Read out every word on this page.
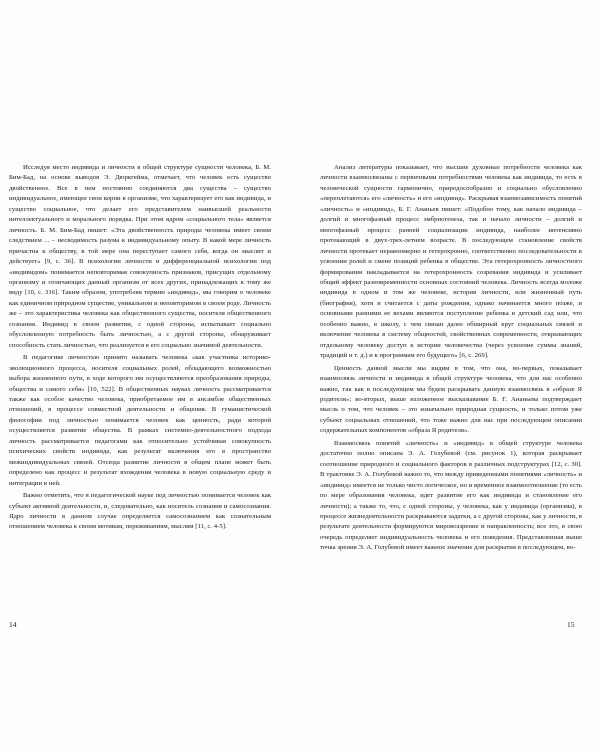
Исследуя место индивида и личности в общей структуре сущности человека, Б. М. Бим-Бад, на основе выводов Э. Дюркгейма, отмечает, что человек есть существо двойственное. Все в нем постоянно соединяются два существа – существо индивидуальное, имеющее свои корни в организме, что характеризует его как индивида, и существо социальное, что делает его представителем наивысшей реальности интеллектуального и морального порядка. При этом ядром «социального тела» является личность. Б. М. Бим-Бад пишет: «Эта двойственность природы человека имеет своим следствием ... – несводимость разума к индивидуальному опыту. В какой мере личность причастна к обществу, в той мере она переступает самого себя, когда он мыслит и действует» [9, с. 36]. В психологии личности и дифференциальной психологии под «индивидом» понимается неповторимая совокупность признаков, присущих отдельному организму и отличающих данный организм от всех других, принадлежащих к тому же виду [10, с. 316]. Таким образом, употребляя термин «индивид», мы говорим о человеке как единичном природном существе, уникальном и неповторимом в своем роде. Личность же – это характеристика человека как общественного существа, носителя общественного сознания. Индивид в своем развитии, с одной стороны, испытывает социально обусловленную потребность быть личностью, а с другой стороны, обнаруживает способность стать личностью, что реализуется в его социально значимой деятельности.

В педагогике личностью принято называть человека «как участника историко-эволюционного процесса, носителя социальных ролей, обладающего возможностью выбора жизненного пути, в ходе которого им осуществляются преобразования природы, общества и самого себя» [10, 522]. В общественных науках личность рассматривается также как особое качество человека, приобретаемое им в ансамбле общественных отношений, в процессе совместной деятельности и общения. В гуманистической философии под личностью понимается человек как ценность, ради которой осуществляется развитие общества. В рамках системно-деятельностного подхода личность рассматривается педагогами как относительно устойчивая совокупность психических свойств индивида, как результат включения его в пространство межиндивидуальных связей. Отсюда развитие личности в общем плане может быть определено как процесс и результат вхождения человека в новую социальную среду и интеграции в ней.

Важно отметить, что в педагогической науке под личностью понимается человек как субъект активной деятельности, и, следовательно, как носитель сознания и самосознания. Ядро личности в данном случае определяется самосознанием как сознательным отношением человека к своим мотивам, переживаниям, мыслям [11, с. 4-5].

14

Анализ литературы показывает, что высшие духовные потребности человека как личности взаимосвязаны с первичными потребностями человека как индивида, то есть в человеческой сущности гармонично, природосообразно и социально обусловленно «переплетаются» его «личность» и его «индивид». Раскрывая взаимозависимость понятий «личность» и «индивид», Б. Г. Ананьев пишет: «Подобно тому, как начало индивида – долгий и многофазный процесс эмбриогенеза, так и начало личности – долгий и многофазный процесс ранней социализации индивида, наиболее интенсивно протекающий в двух-трех-летнем возрасте. В последующем становление свойств личности протекает неравномерно и гетерохронно, соответственно последовательности в усвоении ролей и смене позиций ребенка в обществе. Эта гетерохронность личностного формирования накладывается на гетерохронность созревания индивида и усиливает общий эффект разновременности основных состояний человека. Личность всегда моложе индивида в одном и том же человеке, история личности, или жизненный путь (биография), хотя и считается с даты рождения, однако начинается много позже, и основными ранними ее вехами являются поступление ребенка в детский сад или, что особенно важно, в школу, с чем связан далее обширный круг социальных связей и включение человека в систему общностей, свойственных современности, открывающих отдельному человеку доступ к истории человечества (через усвоение суммы знаний, традиций и т. д.) и к программам его будущего» [6, с. 269].

Ценность данной мысли мы видим в том, что она, во-первых, показывает взаимосвязь личности и индивида в общей структуре человека, что для нас особенно важно, так как в последующем мы будем раскрывать данную взаимосвязь в «образе Я родителя»; во-вторых, выше изложенное высказывание Б. Г. Ананьева подтверждает мысль о том, что человек – это изначально природная сущность, и только потом уже субъект социальных отношений, что тоже важно для нас при последующем описании содержательных компонентов «образа Я родителя».

Взаимосвязь понятий «личность» и «индивид» в общей структуре человека достаточно полно описана Э. А. Голубевой (см. рисунок 1), которая раскрывает соотношение природного и социального факторов в различных подструктурах [12, с. 30]. В трактовке Э. А. Голубевой важно то, что между приведенными понятиями «личность» и «индивид» имеется не только чисто логическое, но и временное взаимоотношение (то есть по мере образования человека, идет развитие его как индивида и становление его личности); а также то, что, с одной стороны, у человека, как у индивида (организма), в процессе жизнедеятельности раскрываются задатки, а с другой стороны, как у личности, в результате деятельности формируются мировоззрение и направленность; все это, в свою очередь определяет индивидуальность человека и его поведения. Представленная выше точка зрения Э. А. Голубевой имеет важное значение для раскрытия в последующем, во-

15
